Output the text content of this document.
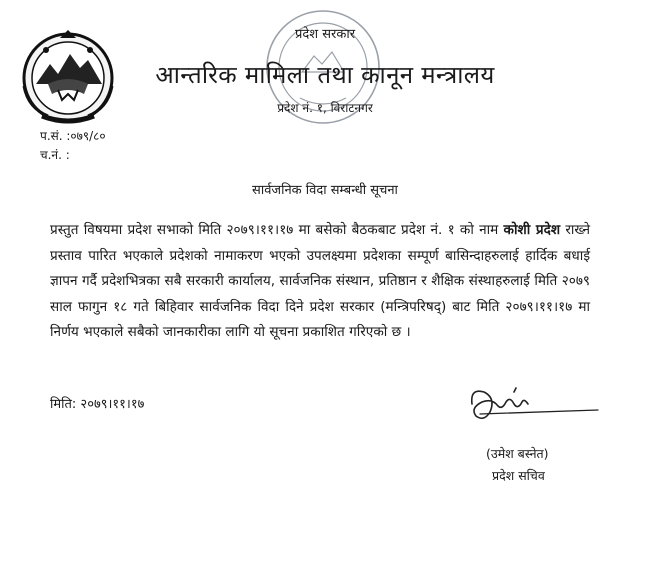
प्रदेश सरकार
आन्तरिक मामिला तथा कानून मन्त्रालय
प्रदेश नं. १, विराटनगर
प.सं. :०७९/८०
च.नं. :
सार्वजनिक विदा सम्बन्धी सूचना

प्रस्तुत विषयमा प्रदेश सभाको मिति २०७९।११।१७ मा बसेको बैठकबाट प्रदेश नं. १ को नाम कोशी प्रदेश राख्ने प्रस्ताव पारित भएकाले प्रदेशको नामाकरण भएको उपलक्ष्यमा प्रदेशका सम्पूर्ण बासिन्दाहरुलाई हार्दिक बधाई ज्ञापन गर्दै प्रदेशभित्रका सबै सरकारी कार्यालय, सार्वजनिक संस्थान, प्रतिष्ठान र शैक्षिक संस्थाहरुलाई मिति २०७९ साल फागुन १८ गते बिहिवार सार्वजनिक विदा दिने प्रदेश सरकार (मन्त्रिपरिषद्) बाट मिति २०७९।११।१७ मा निर्णय भएकाले सबैको जानकारीका लागि यो सूचना प्रकाशित गरिएको छ ।

मिति: २०७९।११।१७
(उमेश बस्नेत)
प्रदेश सचिव
